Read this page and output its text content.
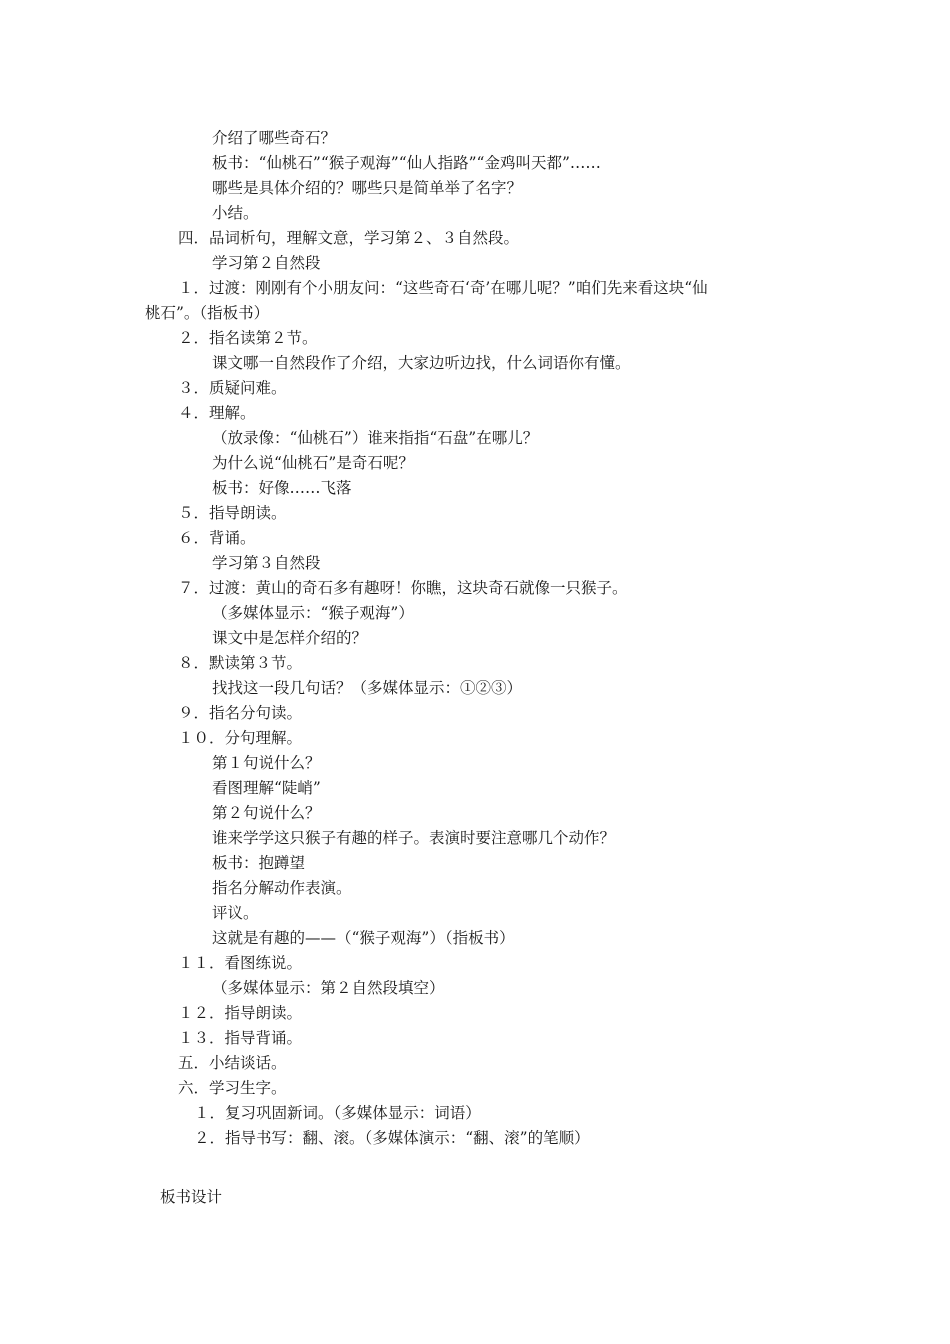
介绍了哪些奇石？
板书：“仙桃石”“猴子观海”“仙人指路”“金鸡叫天都”……
哪些是具体介绍的？哪些只是简单举了名字？
小结。
四．品词析句，理解文意，学习第２、３自然段。
学习第２自然段
１．过渡：刚刚有个小朋友问：“这些奇石‘奇’在哪儿呢？”咱们先来看这块“仙
桃石”。（指板书）
２．指名读第２节。
课文哪一自然段作了介绍，大家边听边找，什么词语你有懂。
３．质疑问难。
４．理解。
（放录像：“仙桃石”）谁来指指“石盘”在哪儿？
为什么说“仙桃石”是奇石呢？
板书：好像……飞落
５．指导朗读。
６．背诵。
学习第３自然段
７．过渡：黄山的奇石多有趣呀！你瞧，这块奇石就像一只猴子。
（多媒体显示：“猴子观海”）
课文中是怎样介绍的？
８．默读第３节。
找找这一段几句话？（多媒体显示：①②③）
９．指名分句读。
１０．分句理解。
第１句说什么？
看图理解“陡峭”
第２句说什么？
谁来学学这只猴子有趣的样子。表演时要注意哪几个动作？
板书：抱蹲望
指名分解动作表演。
评议。
这就是有趣的——（“猴子观海”）（指板书）
１１．看图练说。
（多媒体显示：第２自然段填空）
１２．指导朗读。
１３．指导背诵。
五．小结谈话。
六．学习生字。
１．复习巩固新词。（多媒体显示：词语）
２．指导书写：翻、滚。（多媒体演示：“翻、滚”的笔顺）
板书设计
